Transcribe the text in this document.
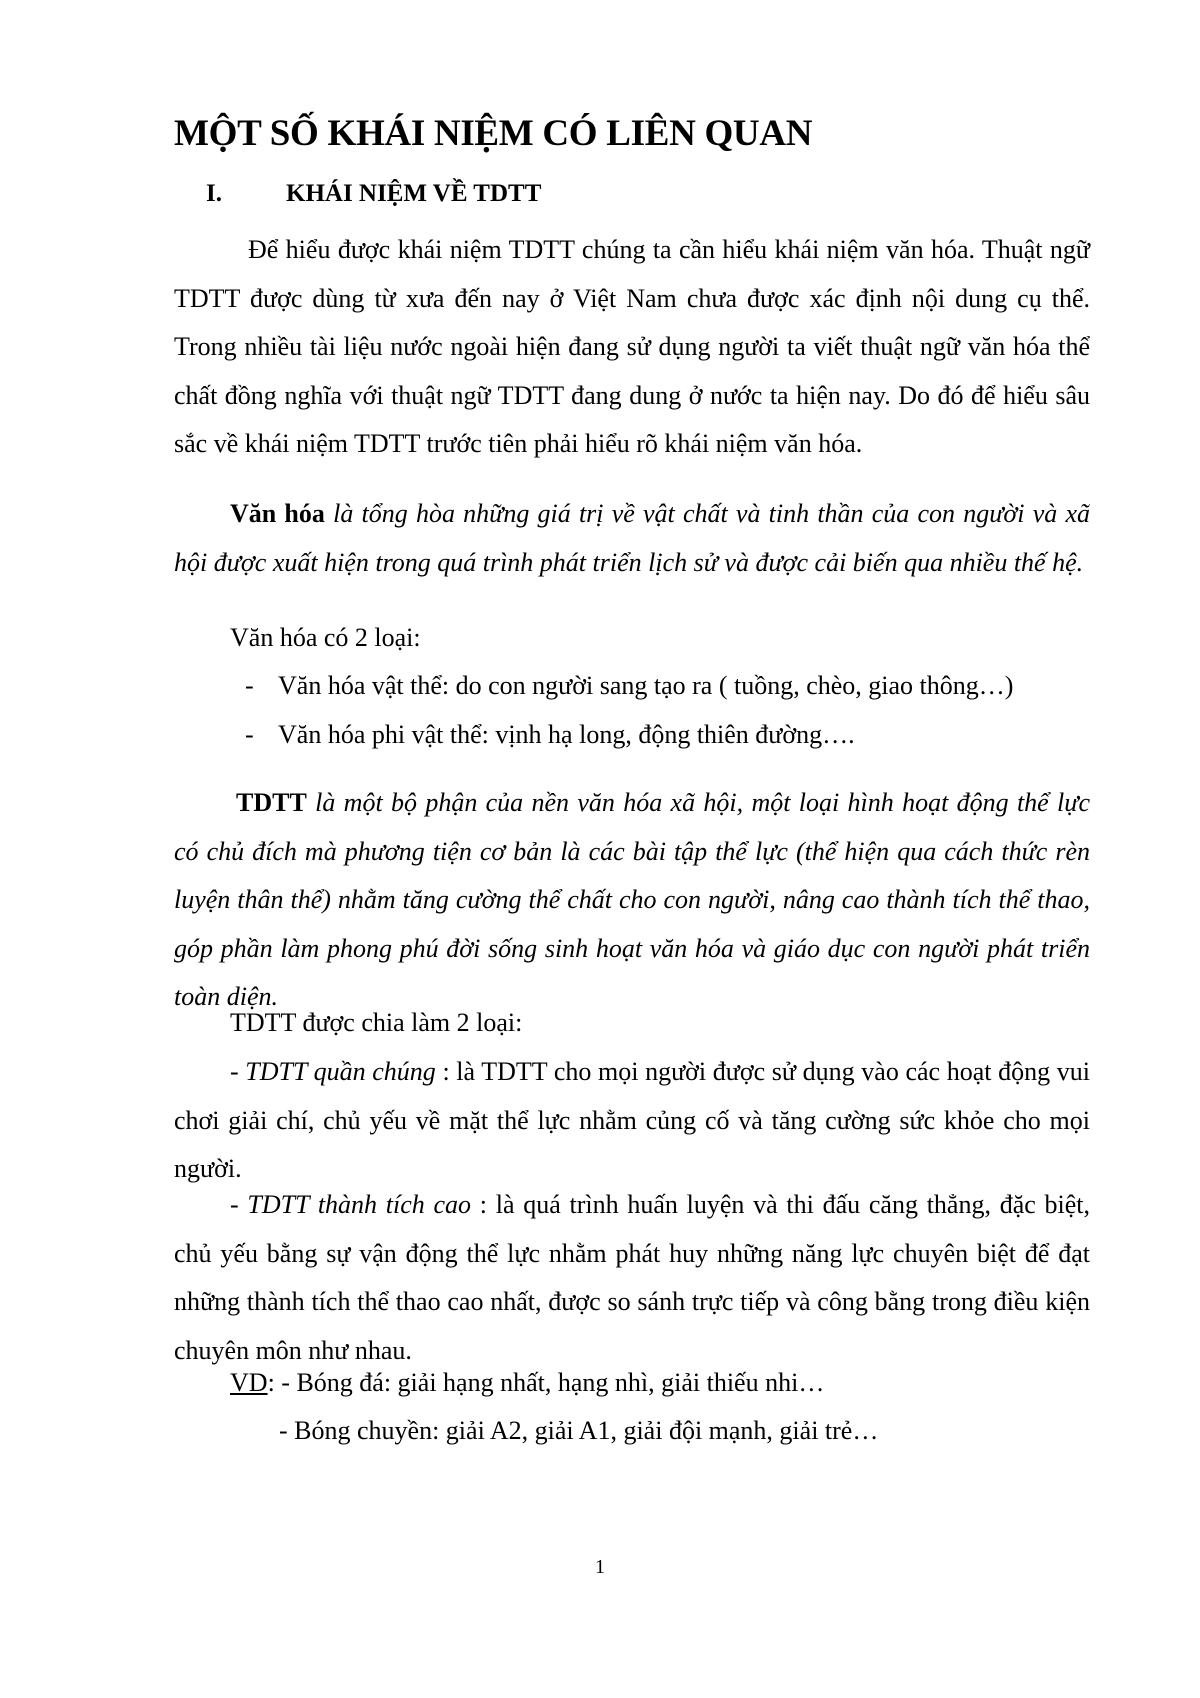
MỘT SỐ KHÁI NIỆM CÓ LIÊN QUAN
I.	KHÁI NIỆM VỀ TDTT

Để hiểu được khái niệm TDTT chúng ta cần hiểu khái niệm văn hóa. Thuật ngữ TDTT được dùng từ xưa đến nay ở Việt Nam chưa được xác định nội dung cụ thể. Trong nhiều tài liệu nước ngoài hiện đang sử dụng người ta viết thuật ngữ văn hóa thể chất đồng nghĩa với thuật ngữ TDTT đang dung ở nước ta hiện nay. Do đó để hiểu sâu sắc về khái niệm TDTT trước tiên phải hiểu rõ khái niệm văn hóa.

Văn hóa là tổng hòa những giá trị về vật chất và tinh thần của con người và xã hội được xuất hiện trong quá trình phát triển lịch sử và được cải biến qua nhiều thế hệ.

Văn hóa có 2 loại:

- Văn hóa vật thể: do con người sang tạo ra ( tuồng, chèo, giao thông…)

- Văn hóa phi vật thể: vịnh hạ long, động thiên đường….

TDTT là một bộ phận của nền văn hóa xã hội, một loại hình hoạt động thể lực có chủ đích mà phương tiện cơ bản là các bài tập thể lực (thể hiện qua cách thức rèn luyện thân thể) nhằm tăng cường thể chất cho con người, nâng cao thành tích thể thao, góp phần làm phong phú đời sống sinh hoạt văn hóa và giáo dục con người phát triển toàn diện.

TDTT được chia làm 2 loại:

- TDTT quần chúng : là TDTT cho mọi người được sử dụng vào các hoạt động vui chơi giải chí, chủ yếu về mặt thể lực nhằm củng cố và tăng cường sức khỏe cho mọi người.

- TDTT thành tích cao : là quá trình huấn luyện và thi đấu căng thẳng, đặc biệt, chủ yếu bằng sự vận động thể lực nhằm phát huy những năng lực chuyên biệt để đạt những thành tích thể thao cao nhất, được so sánh trực tiếp và công bằng trong điều kiện chuyên môn như nhau.

VD: - Bóng đá: giải hạng nhất, hạng nhì, giải thiếu nhi…

- Bóng chuyền: giải A2, giải A1, giải đội mạnh, giải trẻ…

1
